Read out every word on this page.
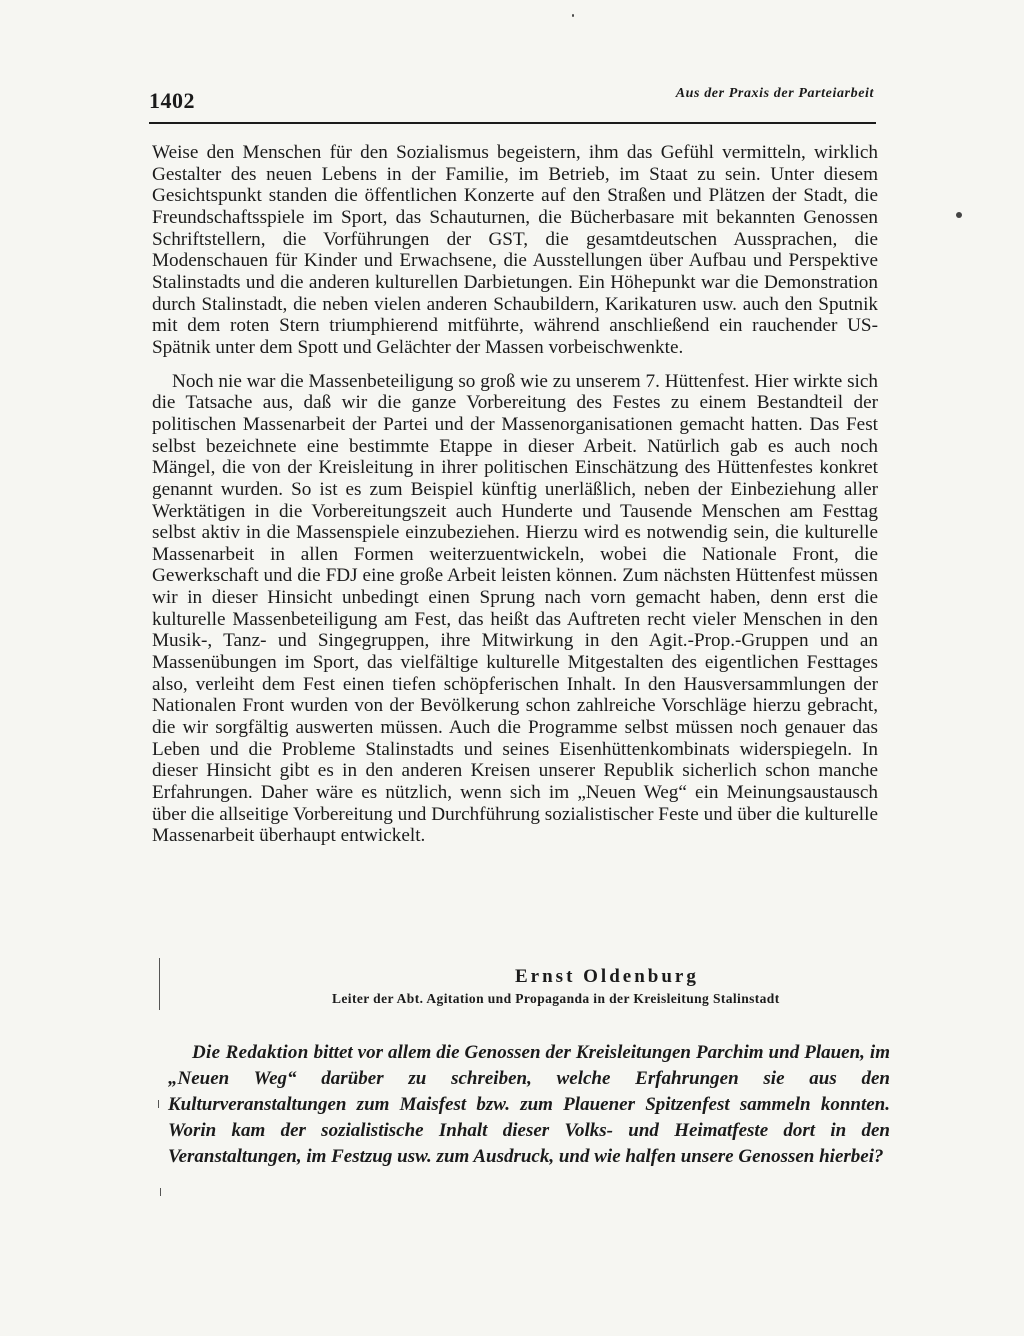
1402	Aus der Praxis der Parteiarbeit

Weise den Menschen für den Sozialismus begeistern, ihm das Gefühl vermitteln, wirklich Gestalter des neuen Lebens in der Familie, im Betrieb, im Staat zu sein. Unter diesem Gesichtspunkt standen die öffentlichen Konzerte auf den Straßen und Plätzen der Stadt, die Freundschaftsspiele im Sport, das Schauturnen, die Bücherbasare mit bekannten Genossen Schriftstellern, die Vorführungen der GST, die gesamtdeutschen Aussprachen, die Modenschauen für Kinder und Erwachsene, die Ausstellungen über Aufbau und Perspektive Stalinstadts und die anderen kulturellen Darbietungen. Ein Höhepunkt war die Demonstration durch Stalinstadt, die neben vielen anderen Schaubildern, Karikaturen usw. auch den Sputnik mit dem roten Stern triumphierend mitführte, während anschließend ein rauchender US-Spätnik unter dem Spott und Gelächter der Massen vorbeischwenkte.

Noch nie war die Massenbeteiligung so groß wie zu unserem 7. Hüttenfest. Hier wirkte sich die Tatsache aus, daß wir die ganze Vorbereitung des Festes zu einem Bestandteil der politischen Massenarbeit der Partei und der Massenorganisationen gemacht hatten. Das Fest selbst bezeichnete eine bestimmte Etappe in dieser Arbeit. Natürlich gab es auch noch Mängel, die von der Kreisleitung in ihrer politischen Einschätzung des Hüttenfestes konkret genannt wurden. So ist es zum Beispiel künftig unerläßlich, neben der Einbeziehung aller Werktätigen in die Vorbereitungszeit auch Hunderte und Tausende Menschen am Festtag selbst aktiv in die Massenspiele einzubeziehen. Hierzu wird es notwendig sein, die kulturelle Massenarbeit in allen Formen weiterzuentwickeln, wobei die Nationale Front, die Gewerkschaft und die FDJ eine große Arbeit leisten können. Zum nächsten Hüttenfest müssen wir in dieser Hinsicht unbedingt einen Sprung nach vorn gemacht haben, denn erst die kulturelle Massenbeteiligung am Fest, das heißt das Auftreten recht vieler Menschen in den Musik-, Tanz- und Singegruppen, ihre Mitwirkung in den Agit.-Prop.-Gruppen und an Massenübungen im Sport, das vielfältige kulturelle Mitgestalten des eigentlichen Festtages also, verleiht dem Fest einen tiefen schöpferischen Inhalt. In den Hausversammlungen der Nationalen Front wurden von der Bevölkerung schon zahlreiche Vorschläge hierzu gebracht, die wir sorgfältig auswerten müssen. Auch die Programme selbst müssen noch genauer das Leben und die Probleme Stalinstadts und seines Eisenhüttenkombinats widerspiegeln. In dieser Hinsicht gibt es in den anderen Kreisen unserer Republik sicherlich schon manche Erfahrungen. Daher wäre es nützlich, wenn sich im „Neuen Weg“ ein Meinungsaustausch über die allseitige Vorbereitung und Durchführung sozialistischer Feste und über die kulturelle Massenarbeit überhaupt entwickelt.

Ernst Oldenburg
Leiter der Abt. Agitation und Propaganda in der Kreisleitung Stalinstadt

Die Redaktion bittet vor allem die Genossen der Kreisleitungen Parchim und Plauen, im „Neuen Weg“ darüber zu schreiben, welche Erfahrungen sie aus den Kulturveranstaltungen zum Maisfest bzw. zum Plauener Spitzenfest sammeln konnten. Worin kam der sozialistische Inhalt dieser Volks- und Heimatfeste dort in den Veranstaltungen, im Festzug usw. zum Ausdruck, und wie halfen unsere Genossen hierbei?
